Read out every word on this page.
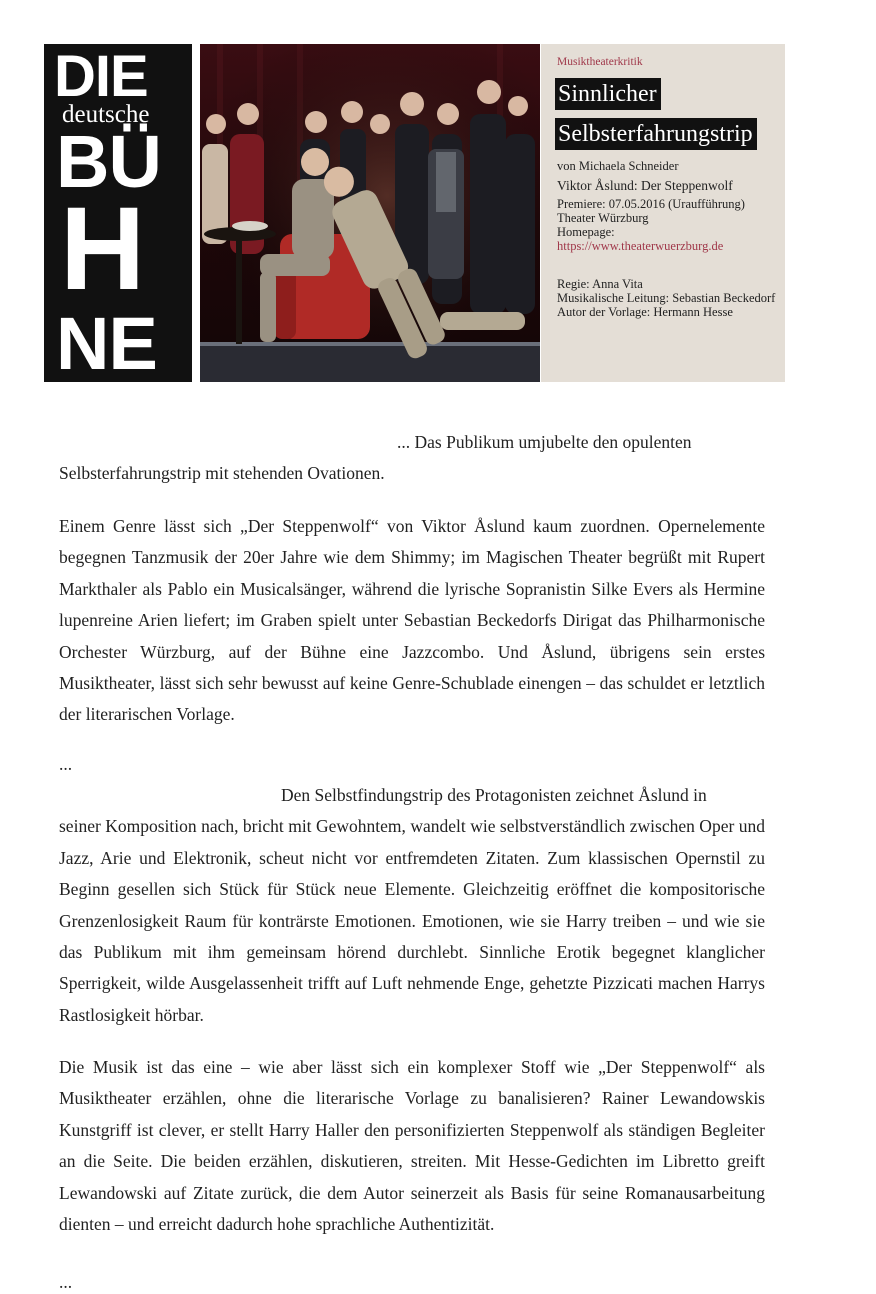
DIE
deutsche
BÜ
H
NE
Musiktheaterkritik
Sinnlicher
Selbsterfahrungstrip
von Michaela Schneider
Viktor Åslund: Der Steppenwolf
Premiere: 07.05.2016 (Uraufführung)
Theater Würzburg
Homepage:
https://www.theaterwuerzburg.de
Regie: Anna Vita
Musikalische Leitung: Sebastian Beckedorf
Autor der Vorlage: Hermann Hesse
... Das Publikum umjubelte den opulenten
Selbsterfahrungstrip mit stehenden Ovationen.
Einem Genre lässt sich „Der Steppenwolf“ von Viktor Åslund kaum zuordnen. Opernelemente begegnen Tanzmusik der 20er Jahre wie dem Shimmy; im Magischen Theater begrüßt mit Rupert Markthaler als Pablo ein Musicalsänger, während die lyrische Sopranistin Silke Evers als Hermine lupenreine Arien liefert; im Graben spielt unter Sebastian Beckedorfs Dirigat das Philharmonische Orchester Würzburg, auf der Bühne eine Jazzcombo. Und Åslund, übrigens sein erstes Musiktheater, lässt sich sehr bewusst auf keine Genre-Schublade einengen – das schuldet er letztlich der literarischen Vorlage.
...
Den Selbstfindungstrip des Protagonisten zeichnet Åslund in
seiner Komposition nach, bricht mit Gewohntem, wandelt wie selbstverständlich zwischen Oper und Jazz, Arie und Elektronik, scheut nicht vor entfremdeten Zitaten. Zum klassischen Opernstil zu Beginn gesellen sich Stück für Stück neue Elemente. Gleichzeitig eröffnet die kompositorische Grenzenlosigkeit Raum für konträrste Emotionen. Emotionen, wie sie Harry treiben – und wie sie das Publikum mit ihm gemeinsam hörend durchlebt. Sinnliche Erotik begegnet klanglicher Sperrigkeit, wilde Ausgelassenheit trifft auf Luft nehmende Enge, gehetzte Pizzicati machen Harrys Rastlosigkeit hörbar.
Die Musik ist das eine – wie aber lässt sich ein komplexer Stoff wie „Der Steppenwolf“ als Musiktheater erzählen, ohne die literarische Vorlage zu banalisieren? Rainer Lewandowskis Kunstgriff ist clever, er stellt Harry Haller den personifizierten Steppenwolf als ständigen Begleiter an die Seite. Die beiden erzählen, diskutieren, streiten. Mit Hesse-Gedichten im Libretto greift Lewandowski auf Zitate zurück, die dem Autor seinerzeit als Basis für seine Romanausarbeitung dienten – und erreicht dadurch hohe sprachliche Authentizität.
...
